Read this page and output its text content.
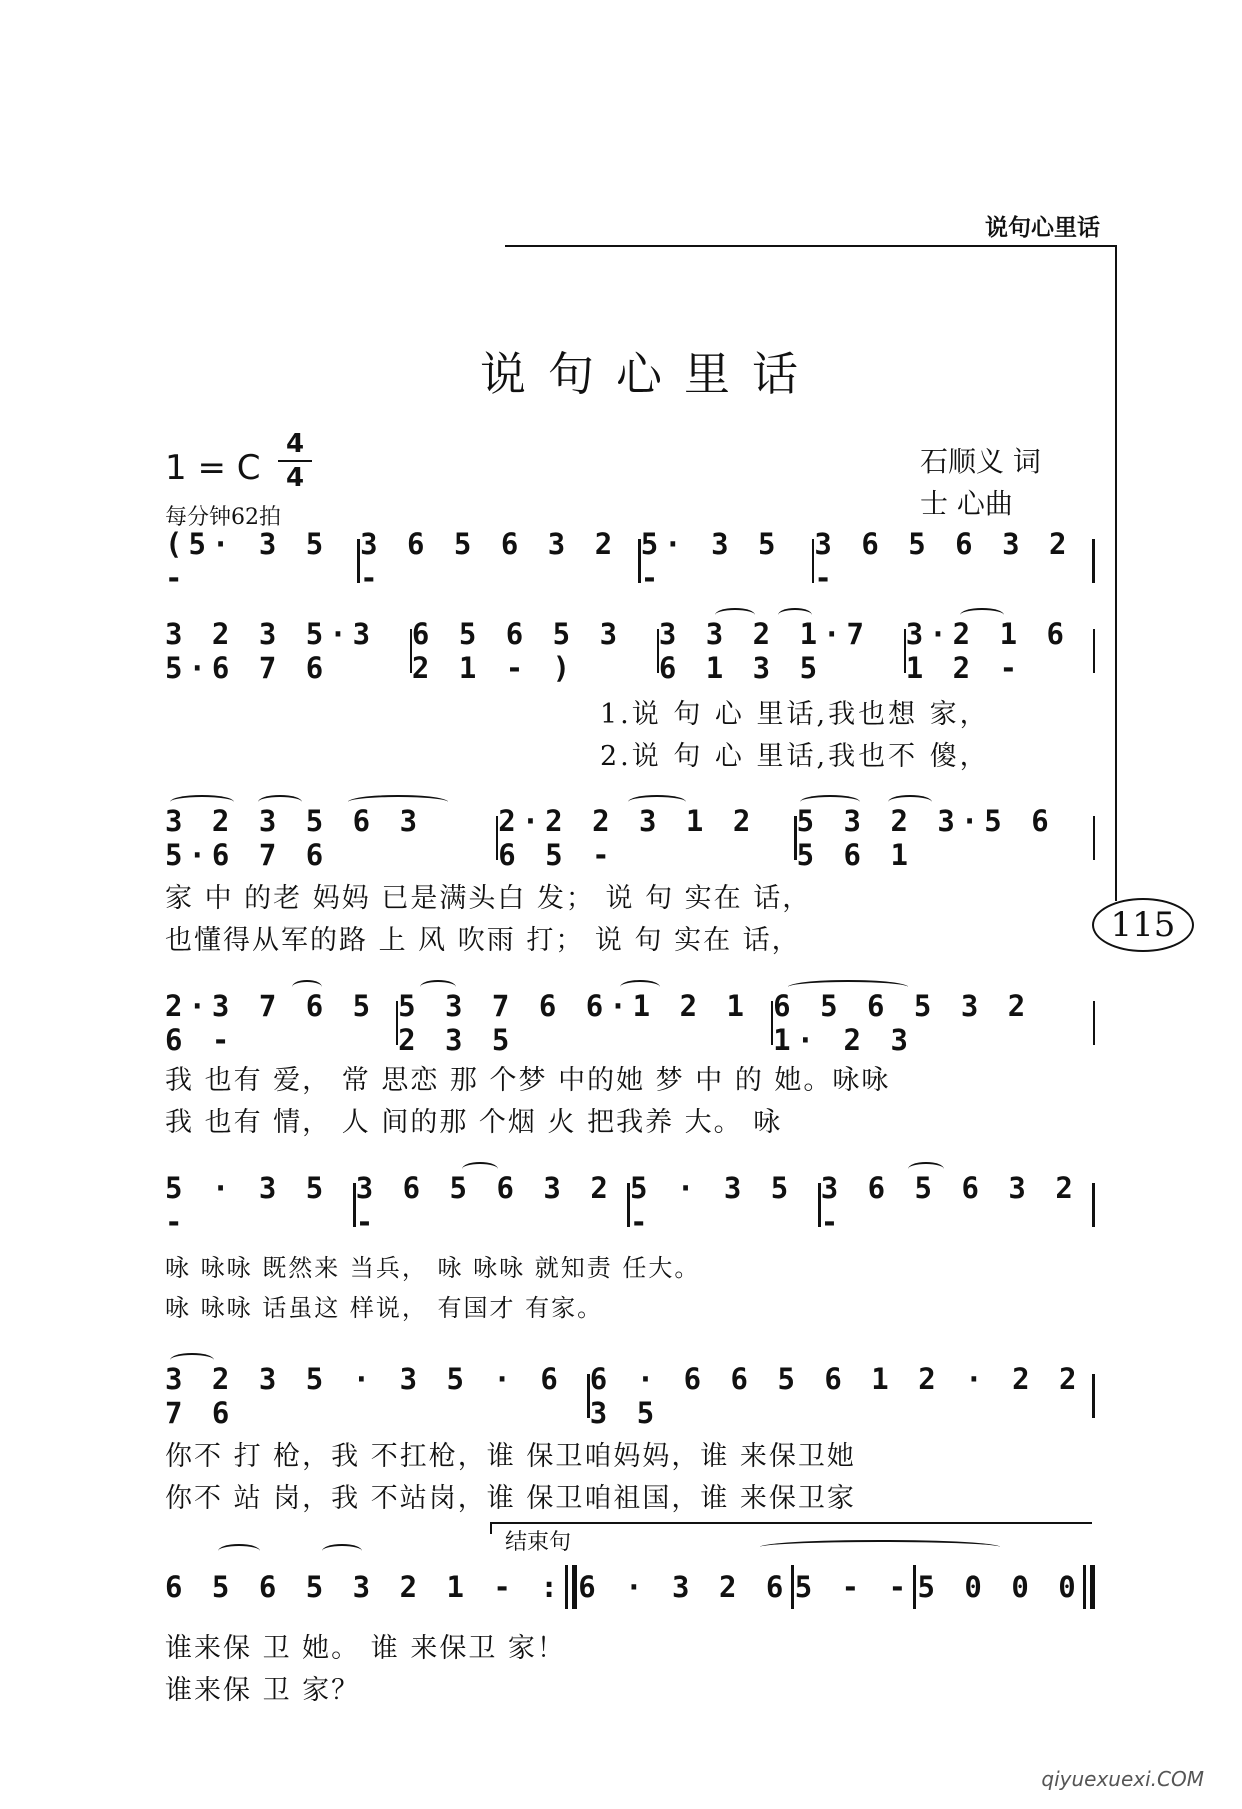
说句心里话
115
说句心里话
1 = C
4
4
每分钟62拍
石顺义 词
士 心曲
(5· 3 5 -
3 6 5 6 3 2 -
5· 3 5 -
3 6 5 6 3 2 -
3 2 3 5·3 5·6 7 6
6 5 6 5 3 2 1 - )
3 3 2 1·7 6 1 3 5
3·2 1 6 1 2 -
1.说 句 心 里话,我也想 家，
2.说 句 心 里话,我也不 傻，
3 2 3 5 6 3 5·6 7 6
2·2 2 3 1 2 6 5 -
5 3 2 3·5 6 5 6 1
家 中 的老 妈妈 已是满头白 发； 说 句 实在 话，
也懂得从军的路 上 风 吹雨 打； 说 句 实在 话，
2·3 7 6 5 6 -
5 3 7 6 6·1 2 1 2 3 5
6 5 6 5 3 2 1· 2 3
我 也有 爱， 常 思恋 那 个梦 中的她 梦 中 的 她。咏咏
我 也有 情， 人 间的那 个烟 火 把我养 大。 咏
5 · 3 5 -
3 6 5 6 3 2 -
5 · 3 5 -
3 6 5 6 3 2 -
咏 咏咏 既然来 当兵， 咏 咏咏 就知责 任大。
咏 咏咏 话虽这 样说， 有国才 有家。
3 2 3 5 · 3 5 · 6 7 6
6 · 6 6 5 6 1 2 · 2 2 3 5
你不 打 枪，我 不扛枪，谁 保卫咱妈妈，谁 来保卫她
你不 站 岗，我 不站岗，谁 保卫咱祖国，谁 来保卫家
结束句
6 5 6 5 3 2 1 - : 6 · 3 2 6 5 - - 5 0 0 0
谁来保 卫 她。 谁 来保卫 家！
谁来保 卫 家？
qiyuexuexi.COM
